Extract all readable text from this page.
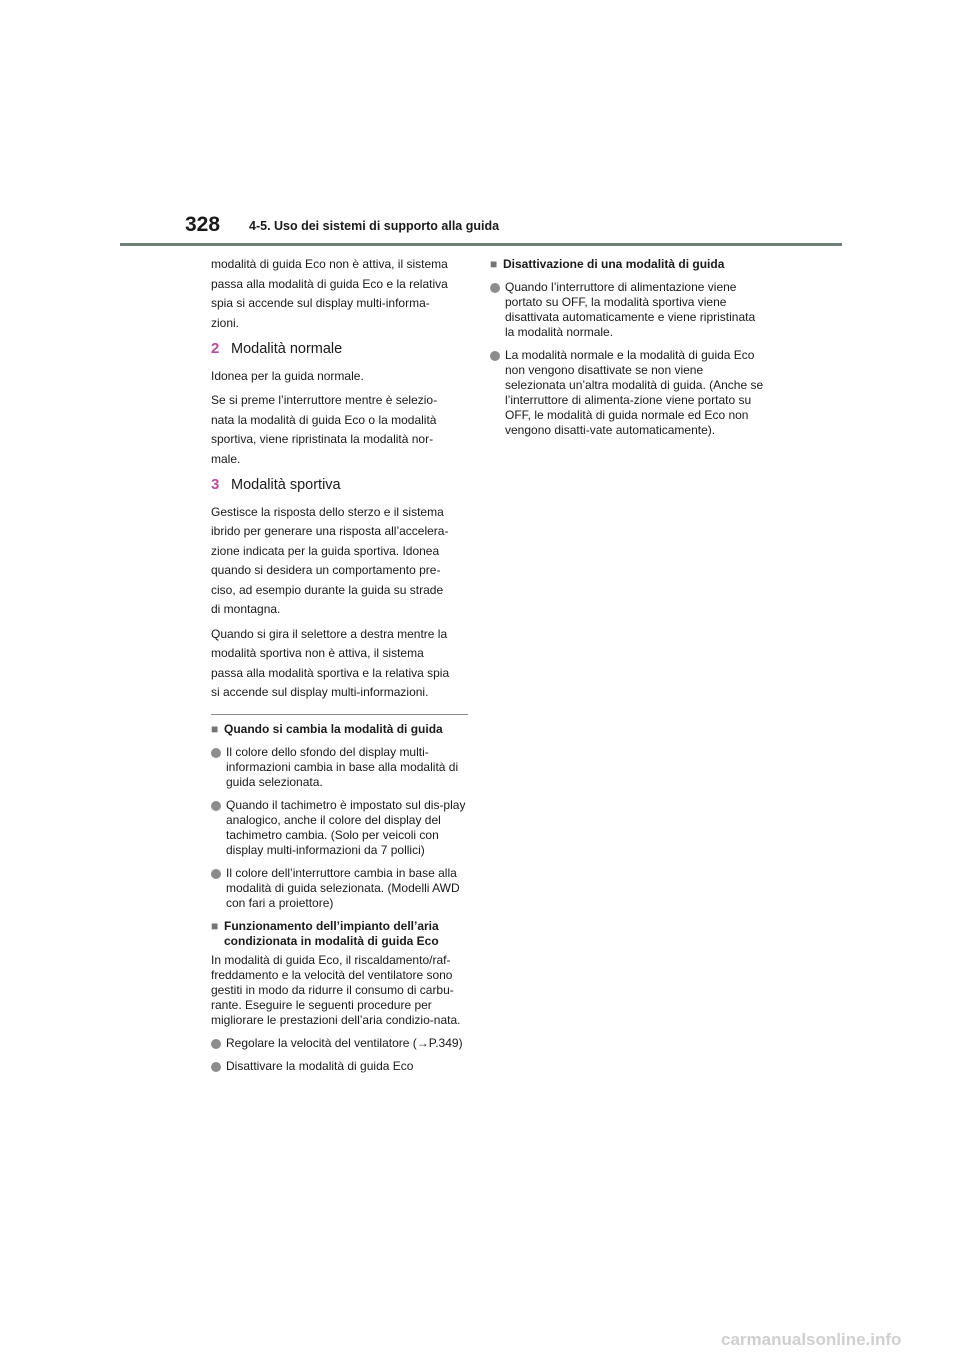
328 4-5. Uso dei sistemi di supporto alla guida

modalità di guida Eco non è attiva, il sistema

passa alla modalità di guida Eco e la relativa

spia si accende sul display multi-informa-

zioni.

2 Modalità normale

Idonea per la guida normale.

Se si preme l’interruttore mentre è selezio-

nata la modalità di guida Eco o la modalità

sportiva, viene ripristinata la modalità nor-

male.

3 Modalità sportiva

Gestisce la risposta dello sterzo e il sistema

ibrido per generare una risposta all’accelera-

zione indicata per la guida sportiva. Idonea

quando si desidera un comportamento pre-

ciso, ad esempio durante la guida su strade

di montagna.

Quando si gira il selettore a destra mentre la

modalità sportiva non è attiva, il sistema

passa alla modalità sportiva e la relativa spia

si accende sul display multi-informazioni.

■ Quando si cambia la modalità di guida
Il colore dello sfondo del display multi-informazioni cambia in base alla modalità di guida selezionata.
Quando il tachimetro è impostato sul dis-play analogico, anche il colore del display del tachimetro cambia. (Solo per veicoli con display multi-informazioni da 7 pollici)
Il colore dell’interruttore cambia in base alla modalità di guida selezionata. (Modelli AWD con fari a proiettore)
■ Funzionamento dell’impianto dell’aria condizionata in modalità di guida Eco

In modalità di guida Eco, il riscaldamento/raf-freddamento e la velocità del ventilatore sono gestiti in modo da ridurre il consumo di carbu-rante. Eseguire le seguenti procedure per migliorare le prestazioni dell’aria condizio-nata.

Regolare la velocità del ventilatore (→P.349)
Disattivare la modalità di guida Eco
■ Disattivazione di una modalità di guida
Quando l’interruttore di alimentazione viene portato su OFF, la modalità sportiva viene disattivata automaticamente e viene ripristinata la modalità normale.
La modalità normale e la modalità di guida Eco non vengono disattivate se non viene selezionata un’altra modalità di guida. (Anche se l’interruttore di alimenta-zione viene portato su OFF, le modalità di guida normale ed Eco non vengono disatti-vate automaticamente).
carmanualsonline.info
